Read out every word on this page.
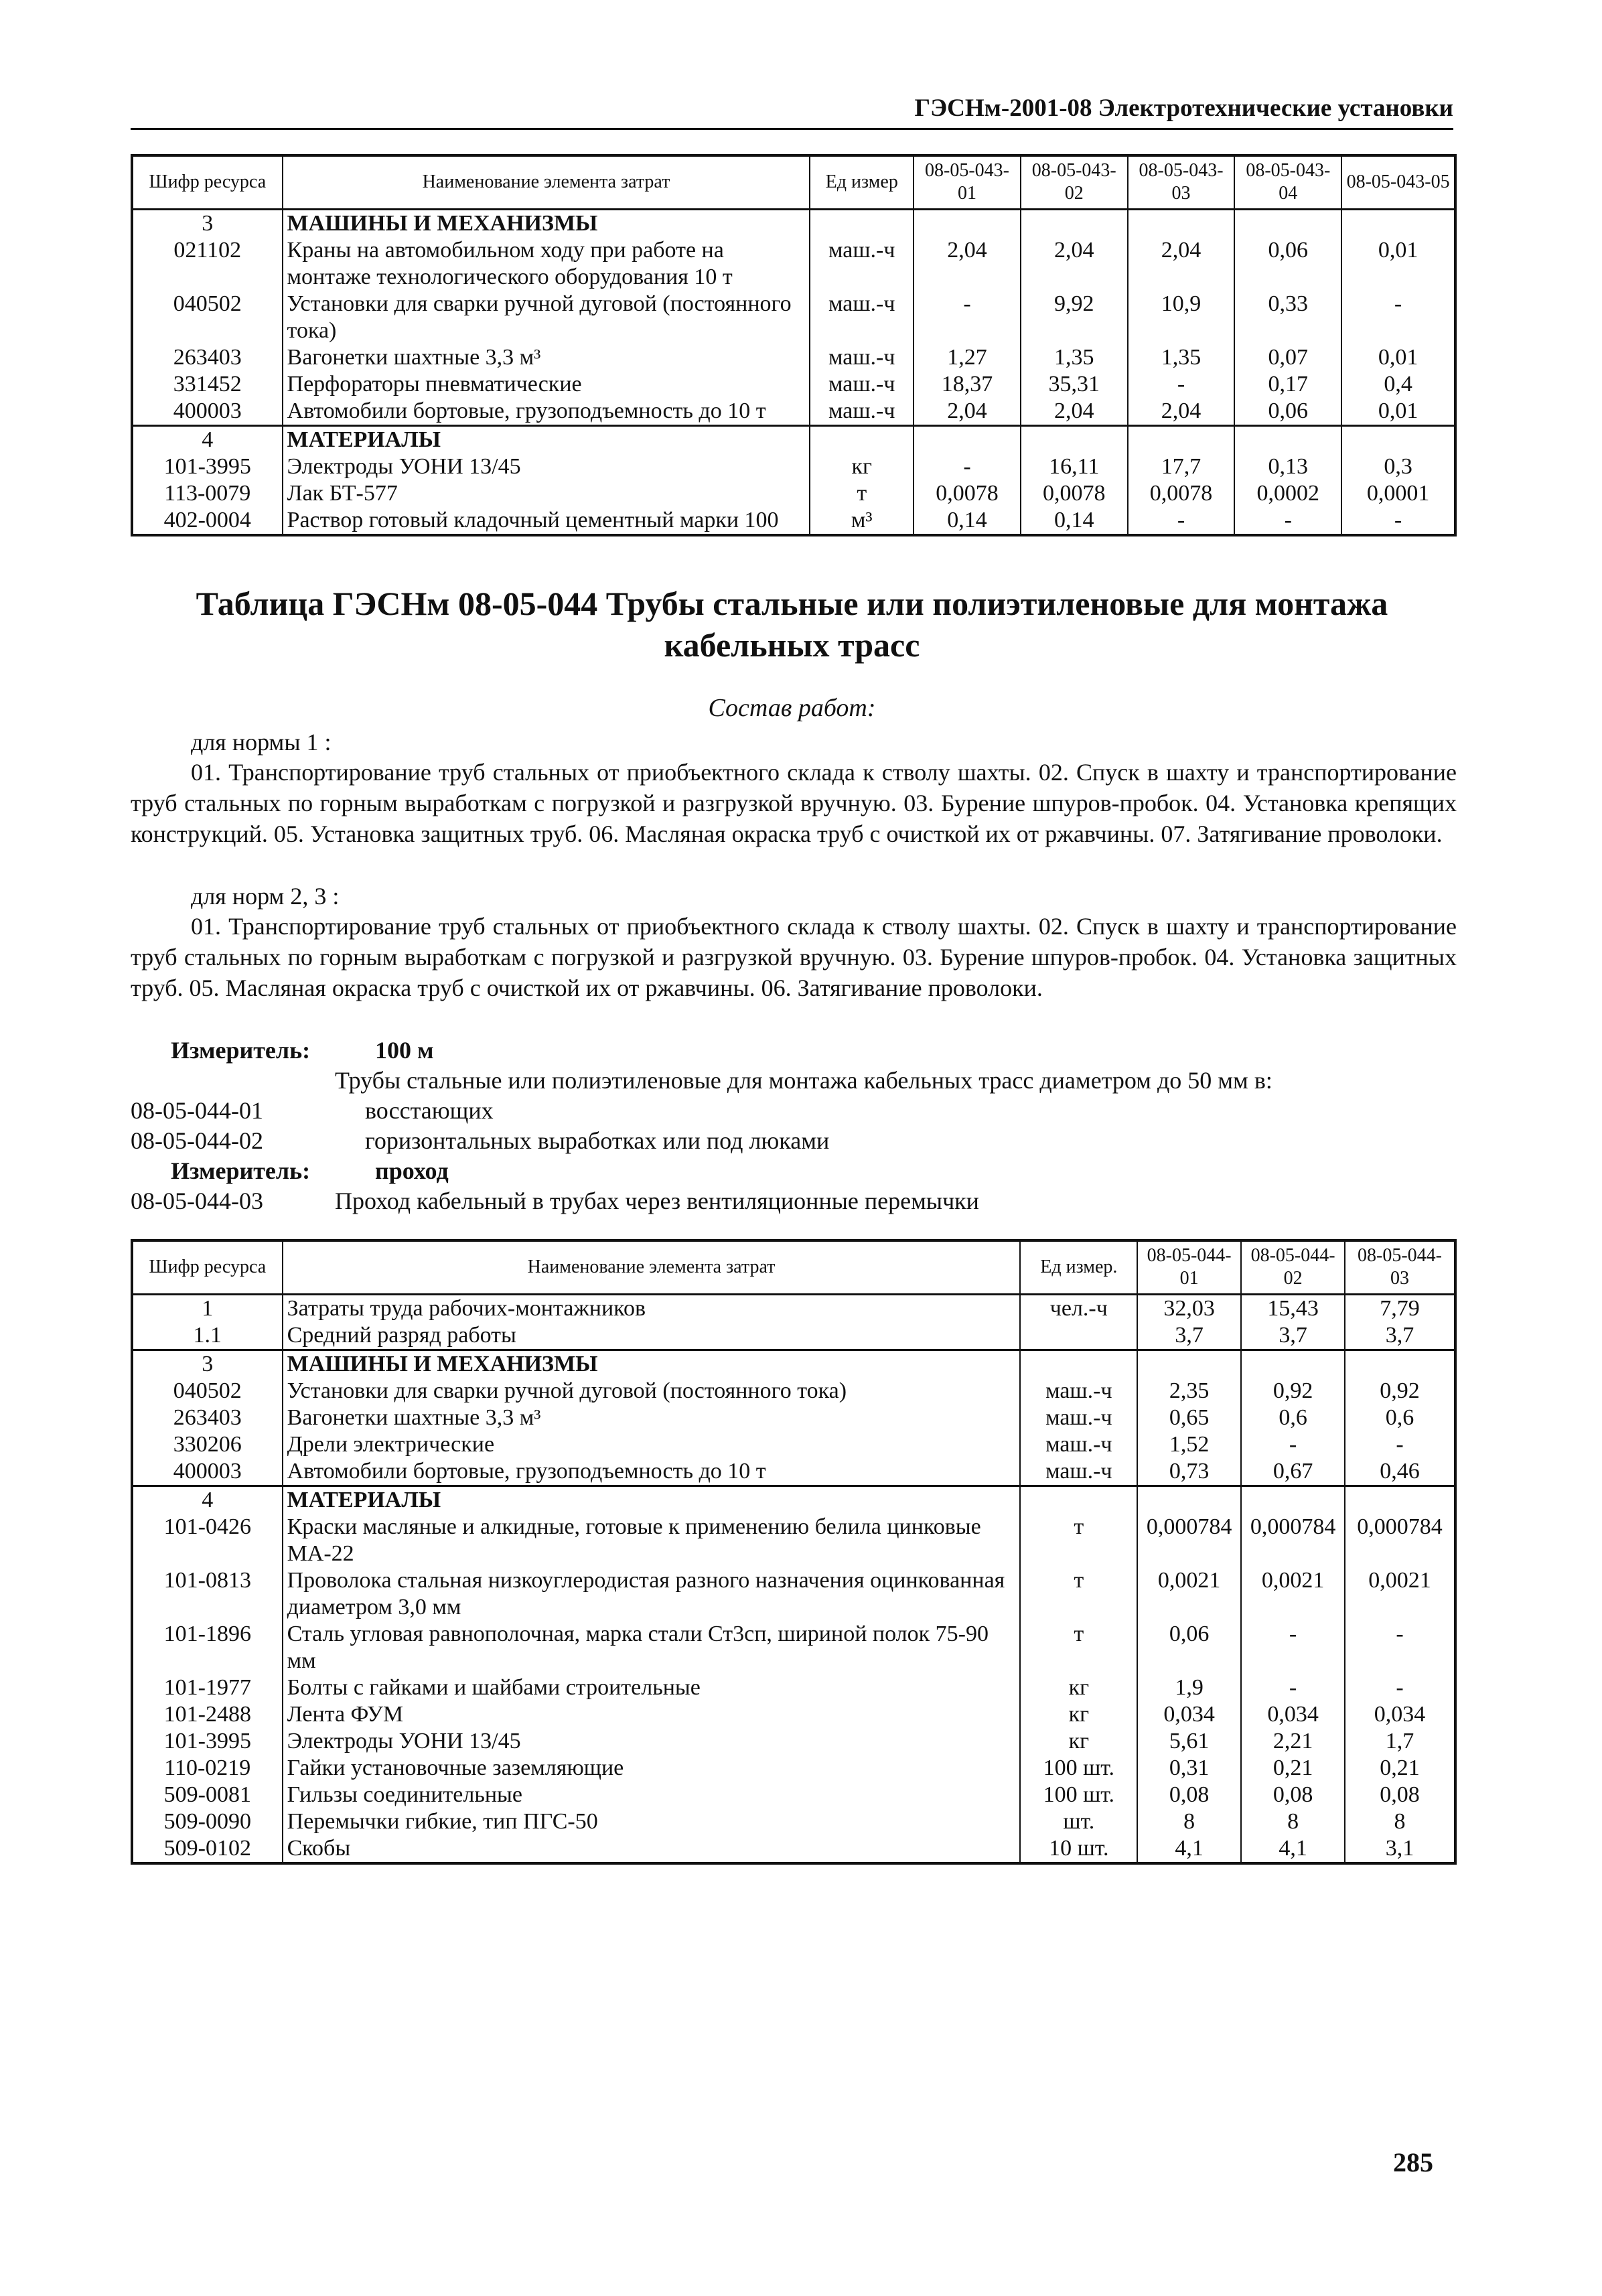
ГЭСНм-2001-08 Электротехнические установки
Шифр ресурса	Наименование элемента затрат	Ед измер	08-05-043-01	08-05-043-02	08-05-043-03	08-05-043-04	08-05-043-05
3	МАШИНЫ И МЕХАНИЗМЫ						
021102	Краны на автомобильном ходу при работе на монтаже технологического оборудования 10 т	маш.-ч	2,04	2,04	2,04	0,06	0,01
040502	Установки для сварки ручной дуговой (постоянного тока)	маш.-ч	-	9,92	10,9	0,33	-
263403	Вагонетки шахтные 3,3 м³	маш.-ч	1,27	1,35	1,35	0,07	0,01
331452	Перфораторы пневматические	маш.-ч	18,37	35,31	-	0,17	0,4
400003	Автомобили бортовые, грузоподъемность до 10 т	маш.-ч	2,04	2,04	2,04	0,06	0,01
4	МАТЕРИАЛЫ						
101-3995	Электроды УОНИ 13/45	кг	-	16,11	17,7	0,13	0,3
113-0079	Лак БТ-577	т	0,0078	0,0078	0,0078	0,0002	0,0001
402-0004	Раствор готовый кладочный цементный марки 100	м³	0,14	0,14	-	-	-
Таблица ГЭСНм 08-05-044 Трубы стальные или полиэтиленовые для монтажа кабельных трасс
Состав работ:
для нормы 1 :
01. Транспортирование труб стальных от приобъектного склада к стволу шахты. 02. Спуск в шахту и транспортирование труб стальных по горным выработкам с погрузкой и разгрузкой вручную. 03. Бурение шпуров-пробок. 04. Установка крепящих конструкций. 05. Установка защитных труб. 06. Масляная окраска труб с очисткой их от ржавчины. 07. Затягивание проволоки.
для норм 2, 3 :
01. Транспортирование труб стальных от приобъектного склада к стволу шахты. 02. Спуск в шахту и транспортирование труб стальных по горным выработкам с погрузкой и разгрузкой вручную. 03. Бурение шпуров-пробок. 04. Установка защитных труб. 05. Масляная окраска труб с очисткой их от ржавчины. 06. Затягивание проволоки.
Измеритель:	100 м
Трубы стальные или полиэтиленовые для монтажа кабельных трасс диаметром до 50 мм в:
08-05-044-01	восстающих
08-05-044-02	горизонтальных выработках или под люками
Измеритель:	проход
08-05-044-03	Проход кабельный в трубах через вентиляционные перемычки
Шифр ресурса	Наименование элемента затрат	Ед измер.	08-05-044-01	08-05-044-02	08-05-044-03
1	Затраты труда рабочих-монтажников	чел.-ч	32,03	15,43	7,79
1.1	Средний разряд работы		3,7	3,7	3,7
3	МАШИНЫ И МЕХАНИЗМЫ				
040502	Установки для сварки ручной дуговой (постоянного тока)	маш.-ч	2,35	0,92	0,92
263403	Вагонетки шахтные 3,3 м³	маш.-ч	0,65	0,6	0,6
330206	Дрели электрические	маш.-ч	1,52	-	-
400003	Автомобили бортовые, грузоподъемность до 10 т	маш.-ч	0,73	0,67	0,46
4	МАТЕРИАЛЫ				
101-0426	Краски масляные и алкидные, готовые к применению белила цинковые МА-22	т	0,000784	0,000784	0,000784
101-0813	Проволока стальная низкоуглеродистая разного назначения оцинкованная диаметром 3,0 мм	т	0,0021	0,0021	0,0021
101-1896	Сталь угловая равнополочная, марка стали Ст3сп, шириной полок 75-90 мм	т	0,06	-	-
101-1977	Болты с гайками и шайбами строительные	кг	1,9	-	-
101-2488	Лента ФУМ	кг	0,034	0,034	0,034
101-3995	Электроды УОНИ 13/45	кг	5,61	2,21	1,7
110-0219	Гайки установочные заземляющие	100 шт.	0,31	0,21	0,21
509-0081	Гильзы соединительные	100 шт.	0,08	0,08	0,08
509-0090	Перемычки гибкие, тип ПГС-50	шт.	8	8	8
509-0102	Скобы	10 шт.	4,1	4,1	3,1
285
